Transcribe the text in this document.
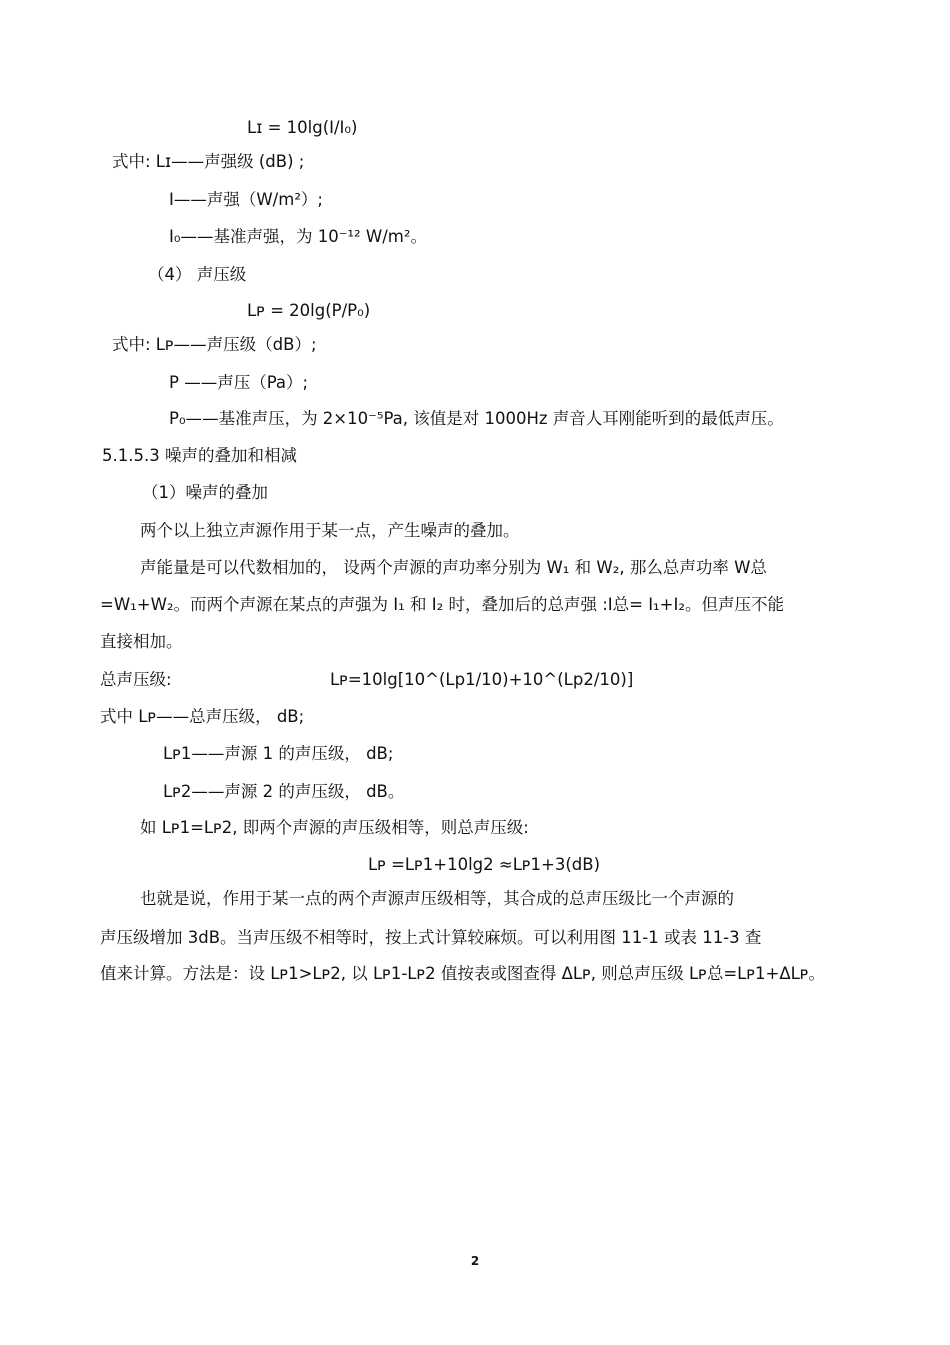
Lɪ = 10lg(I/I₀)
式中: Lɪ——声强级 (dB) ;
I——声强（W/m²）;
I₀——基准声强，为 10⁻¹² W/m²。
（4） 声压级
Lᴘ = 20lg(P/P₀)
式中: Lᴘ——声压级（dB）;
P ——声压（Pa）;
P₀——基准声压，为 2×10⁻⁵Pa, 该值是对 1000Hz 声音人耳刚能听到的最低声压。
5.1.5.3 噪声的叠加和相减
（1）噪声的叠加
两个以上独立声源作用于某一点，产生噪声的叠加。
声能量是可以代数相加的， 设两个声源的声功率分别为 W₁ 和 W₂, 那么总声功率 W总
=W₁+W₂。而两个声源在某点的声强为 I₁ 和 I₂ 时，叠加后的总声强 :I总= I₁+I₂。但声压不能
直接相加。
总声压级:	Lᴘ=10lg[10^(Lp1/10)+10^(Lp2/10)]
式中 Lᴘ——总声压级， dB;
Lᴘ1——声源 1 的声压级， dB;
Lᴘ2——声源 2 的声压级， dB。
如 Lᴘ1=Lᴘ2, 即两个声源的声压级相等，则总声压级:
Lᴘ =Lᴘ1+10lg2 ≈Lᴘ1+3(dB)
也就是说，作用于某一点的两个声源声压级相等，其合成的总声压级比一个声源的
声压级增加 3dB。当声压级不相等时，按上式计算较麻烦。可以利用图 11-1 或表 11-3 查
值来计算。方法是：设 Lᴘ1>Lᴘ2, 以 Lᴘ1-Lᴘ2 值按表或图查得 ΔLᴘ, 则总声压级 Lᴘ总=Lᴘ1+ΔLᴘ。
2
